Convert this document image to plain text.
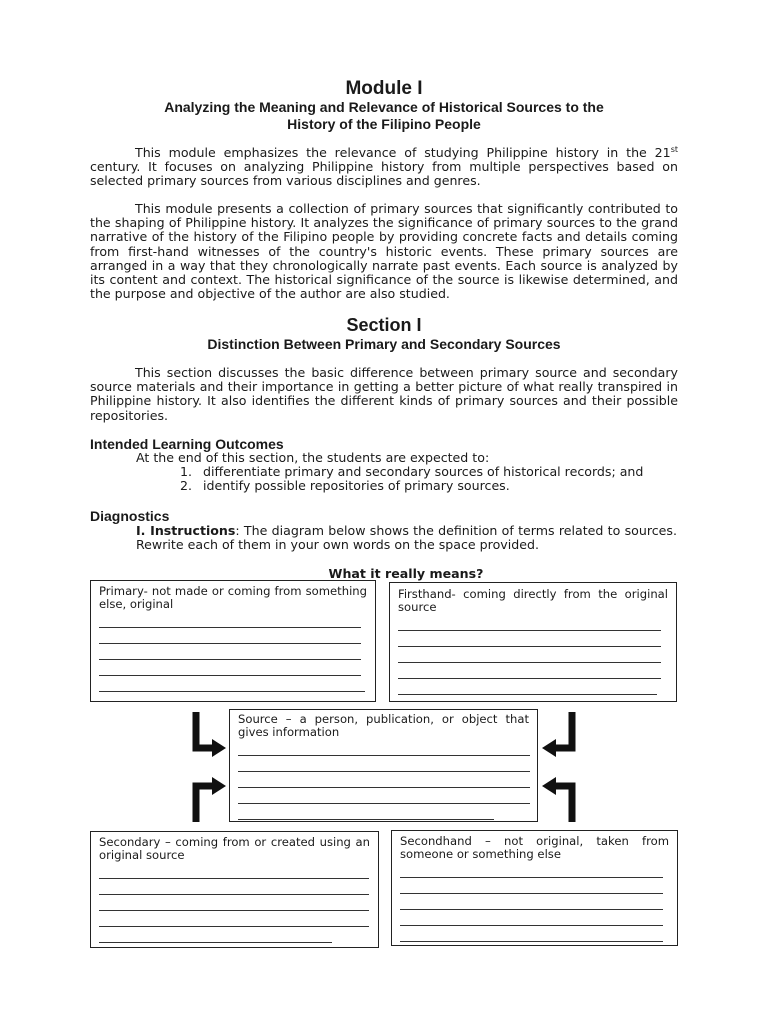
Module I
Analyzing the Meaning and Relevance of Historical Sources to the
History of the Filipino People
This module emphasizes the relevance of studying Philippine history in the 21st century. It focuses on analyzing Philippine history from multiple perspectives based on selected primary sources from various disciplines and genres.
This module presents a collection of primary sources that significantly contributed to the shaping of Philippine history. It analyzes the significance of primary sources to the grand narrative of the history of the Filipino people by providing concrete facts and details coming from first-hand witnesses of the country's historic events. These primary sources are arranged in a way that they chronologically narrate past events. Each source is analyzed by its content and context. The historical significance of the source is likewise determined, and the purpose and objective of the author are also studied.
Section I
Distinction Between Primary and Secondary Sources
This section discusses the basic difference between primary source and secondary source materials and their importance in getting a better picture of what really transpired in Philippine history. It also identifies the different kinds of primary sources and their possible repositories.
Intended Learning Outcomes
At the end of this section, the students are expected to:
1. differentiate primary and secondary sources of historical records; and
2. identify possible repositories of primary sources.
Diagnostics
I. Instructions: The diagram below shows the definition of terms related to sources. Rewrite each of them in your own words on the space provided.
What it really means?

Primary- not made or coming from something else, original

Firsthand- coming directly from the original source

Source – a person, publication, or object that gives information

Secondary – coming from or created using an original source

Secondhand – not original, taken from someone or something else
